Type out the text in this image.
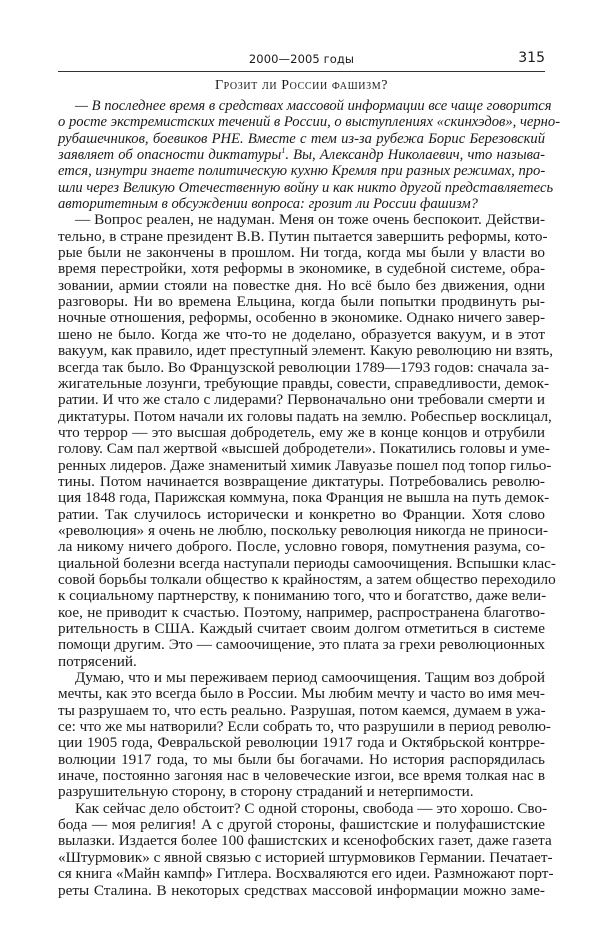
2000—2005 годы	315
Грозит ли России фашизм?
— В последнее время в средствах массовой информации все чаще говорится
о росте экстремистских течений в России, о выступлениях «скинхэдов», черно-
рубашечников, боевиков РНЕ. Вместе с тем из-за рубежа Борис Березовский
заявляет об опасности диктатуры$^1$. Вы, Александр Николаевич, что называ-
ется, изнутри знаете политическую кухню Кремля при разных режимах, про-
шли через Великую Отечественную войну и как никто другой представляетесь
авторитетным в обсуждении вопроса: грозит ли России фашизм?
— Вопрос реален, не надуман. Меня он тоже очень беспокоит. Действи-
тельно, в стране президент В.В. Путин пытается завершить реформы, кото-
рые были не закончены в прошлом. Ни тогда, когда мы были у власти во
время перестройки, хотя реформы в экономике, в судебной системе, обра-
зовании, армии стояли на повестке дня. Но всё было без движения, одни
разговоры. Ни во времена Ельцина, когда были попытки продвинуть ры-
ночные отношения, реформы, особенно в экономике. Однако ничего завер-
шено не было. Когда же что-то не доделано, образуется вакуум, и в этот
вакуум, как правило, идет преступный элемент. Какую революцию ни взять,
всегда так было. Во Французской революции 1789—1793 годов: сначала за-
жигательные лозунги, требующие правды, совести, справедливости, демок-
ратии. И что же стало с лидерами? Первоначально они требовали смерти и
диктатуры. Потом начали их головы падать на землю. Робеспьер восклицал,
что террор — это высшая добродетель, ему же в конце концов и отрубили
голову. Сам пал жертвой «высшей добродетели». Покатились головы и уме-
ренных лидеров. Даже знаменитый химик Лавуазье пошел под топор гильо-
тины. Потом начинается возвращение диктатуры. Потребовались револю-
ция 1848 года, Парижская коммуна, пока Франция не вышла на путь демок-
ратии. Так случилось исторически и конкретно во Франции. Хотя слово
«революция» я очень не люблю, поскольку революция никогда не приноси-
ла никому ничего доброго. После, условно говоря, помутнения разума, со-
циальной болезни всегда наступали периоды самоочищения. Вспышки клас-
совой борьбы толкали общество к крайностям, а затем общество переходило
к социальному партнерству, к пониманию того, что и богатство, даже вели-
кое, не приводит к счастью. Поэтому, например, распространена благотво-
рительность в США. Каждый считает своим долгом отметиться в системе
помощи другим. Это — самоочищение, это плата за грехи революционных
потрясений.
Думаю, что и мы переживаем период самоочищения. Тащим воз доброй
мечты, как это всегда было в России. Мы любим мечту и часто во имя меч-
ты разрушаем то, что есть реально. Разрушая, потом каемся, думаем в ужа-
се: что же мы натворили? Если собрать то, что разрушили в период револю-
ции 1905 года, Февральской революции 1917 года и Октябрьской контрре-
волюции 1917 года, то мы были бы богачами. Но история распорядилась
иначе, постоянно загоняя нас в человеческие изгои, все время толкая нас в
разрушительную сторону, в сторону страданий и нетерпимости.
Как сейчас дело обстоит? С одной стороны, свобода — это хорошо. Сво-
бода — моя религия! А с другой стороны, фашистские и полуфашистские
вылазки. Издается более 100 фашистских и ксенофобских газет, даже газета
«Штурмовик» с явной связью с историей штурмовиков Германии. Печатает-
ся книга «Майн кампф» Гитлера. Восхваляются его идеи. Размножают порт-
реты Сталина. В некоторых средствах массовой информации можно заме-
